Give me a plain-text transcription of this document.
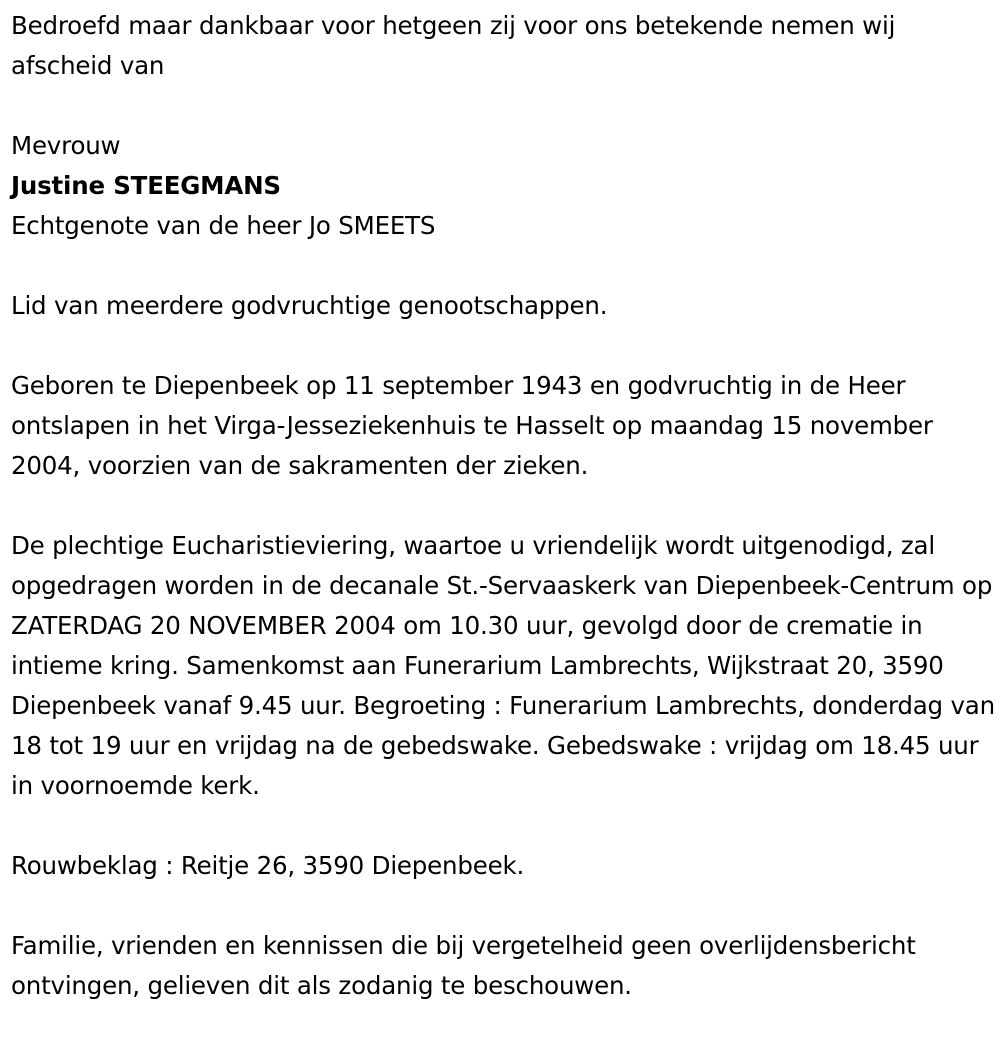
Bedroefd maar dankbaar voor hetgeen zij voor ons betekende nemen wij afscheid van

Mevrouw

Justine STEEGMANS

Echtgenote van de heer Jo SMEETS

Lid van meerdere godvruchtige genootschappen.

Geboren te Diepenbeek op 11 september 1943 en godvruchtig in de Heer ontslapen in het Virga-Jesseziekenhuis te Hasselt op maandag 15 november 2004, voorzien van de sakramenten der zieken.

De plechtige Eucharistieviering, waartoe u vriendelijk wordt uitgenodigd, zal opgedragen worden in de decanale St.-Servaaskerk van Diepenbeek-Centrum op ZATERDAG 20 NOVEMBER 2004 om 10.30 uur, gevolgd door de crematie in intieme kring. Samenkomst aan Funerarium Lambrechts, Wijkstraat 20, 3590 Diepenbeek vanaf 9.45 uur. Begroeting : Funerarium Lambrechts, donderdag van 18 tot 19 uur en vrijdag na de gebedswake. Gebedswake : vrijdag om 18.45 uur in voornoemde kerk.

Rouwbeklag : Reitje 26, 3590 Diepenbeek.

Familie, vrienden en kennissen die bij vergetelheid geen overlijdensbericht ontvingen, gelieven dit als zodanig te beschouwen.
